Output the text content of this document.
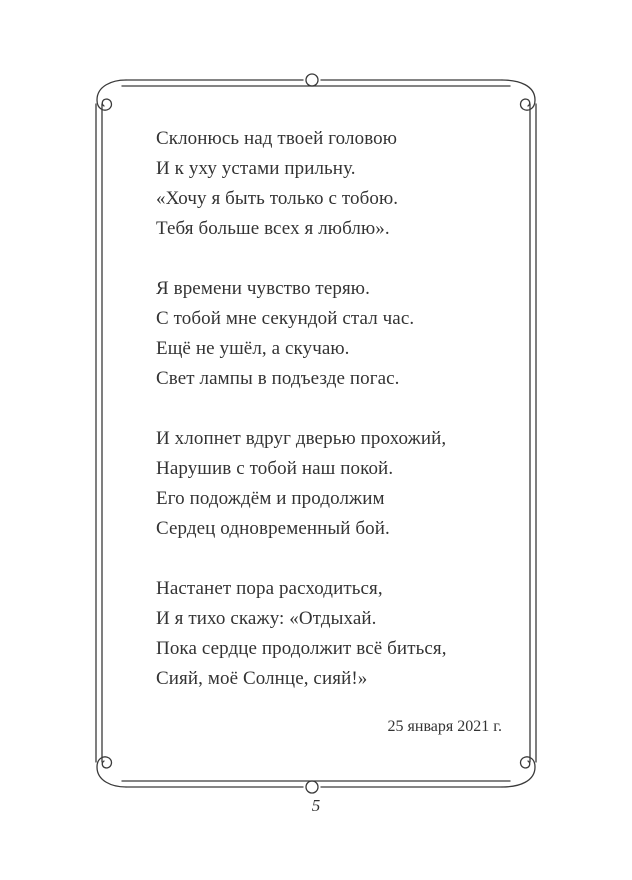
Склонюсь над твоей головою
И к уху устами прильну.
«Хочу я быть только с тобою.
Тебя больше всех я люблю».
Я времени чувство теряю.
С тобой мне секундой стал час.
Ещё не ушёл, а скучаю.
Свет лампы в подъезде погас.
И хлопнет вдруг дверью прохожий,
Нарушив с тобой наш покой.
Его подождём и продолжим
Сердец одновременный бой.
Настанет пора расходиться,
И я тихо скажу: «Отдыхай.
Пока сердце продолжит всё биться,
Сияй, моё Солнце, сияй!»
25 января 2021 г.
5
